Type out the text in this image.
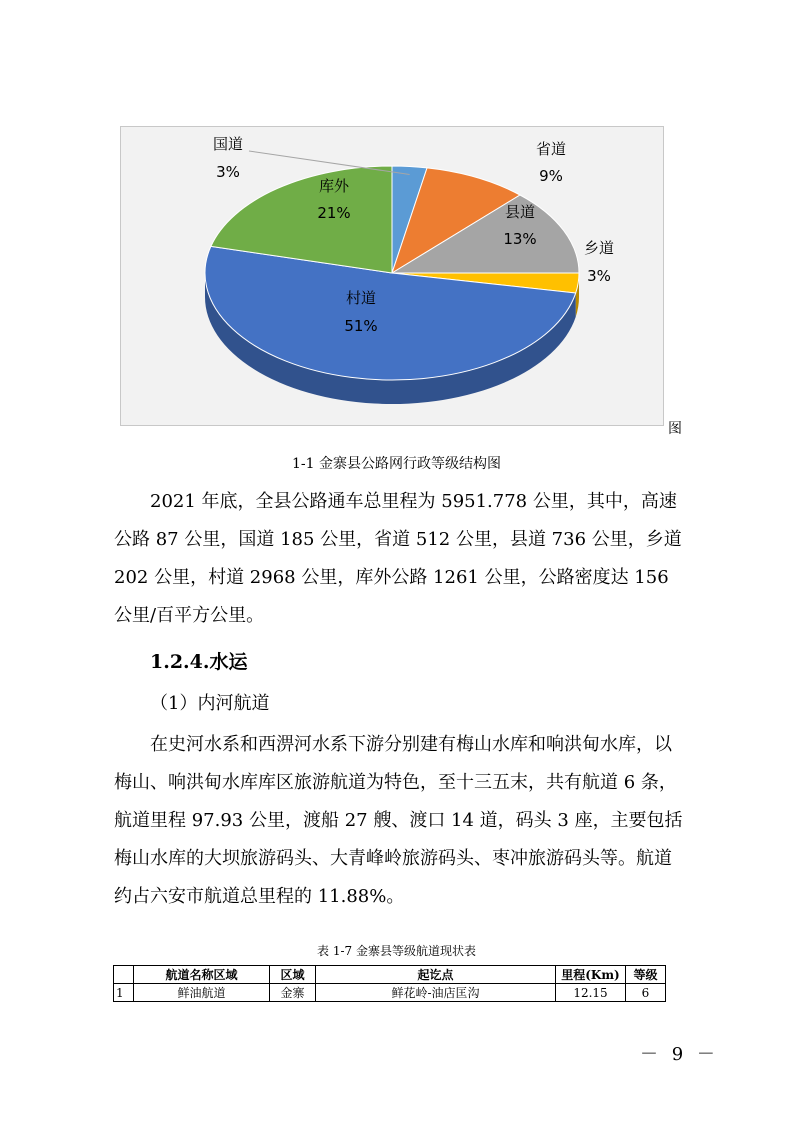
国道
3%
省道
9%
县道
13%	乡道
3%
村道
51%
库外
21%
图
1-1 金寨县公路网行政等级结构图

2021 年底，全县公路通车总里程为 5951.778 公里，其中，高速公路 87 公里，国道 185 公里，省道 512 公里，县道 736 公里，乡道 202 公里，村道 2968 公里，库外公路 1261 公里，公路密度达 156 公里/百平方公里。

1.2.4.水运
（1）内河航道

在史河水系和西淠河水系下游分别建有梅山水库和响洪甸水库，以梅山、响洪甸水库库区旅游航道为特色，至十三五末，共有航道 6 条，航道里程 97.93 公里，渡船 27 艘、渡口 14 道，码头 3 座，主要包括梅山水库的大坝旅游码头、大青峰岭旅游码头、枣冲旅游码头等。航道约占六安市航道总里程的 11.88%。

表 1-7 金寨县等级航道现状表
	航道名称区域	区域	起讫点	里程(Km)	等级
1	鲜油航道	金寨	鲜花岭-油店匡沟	12.15	6
－ 9 －
